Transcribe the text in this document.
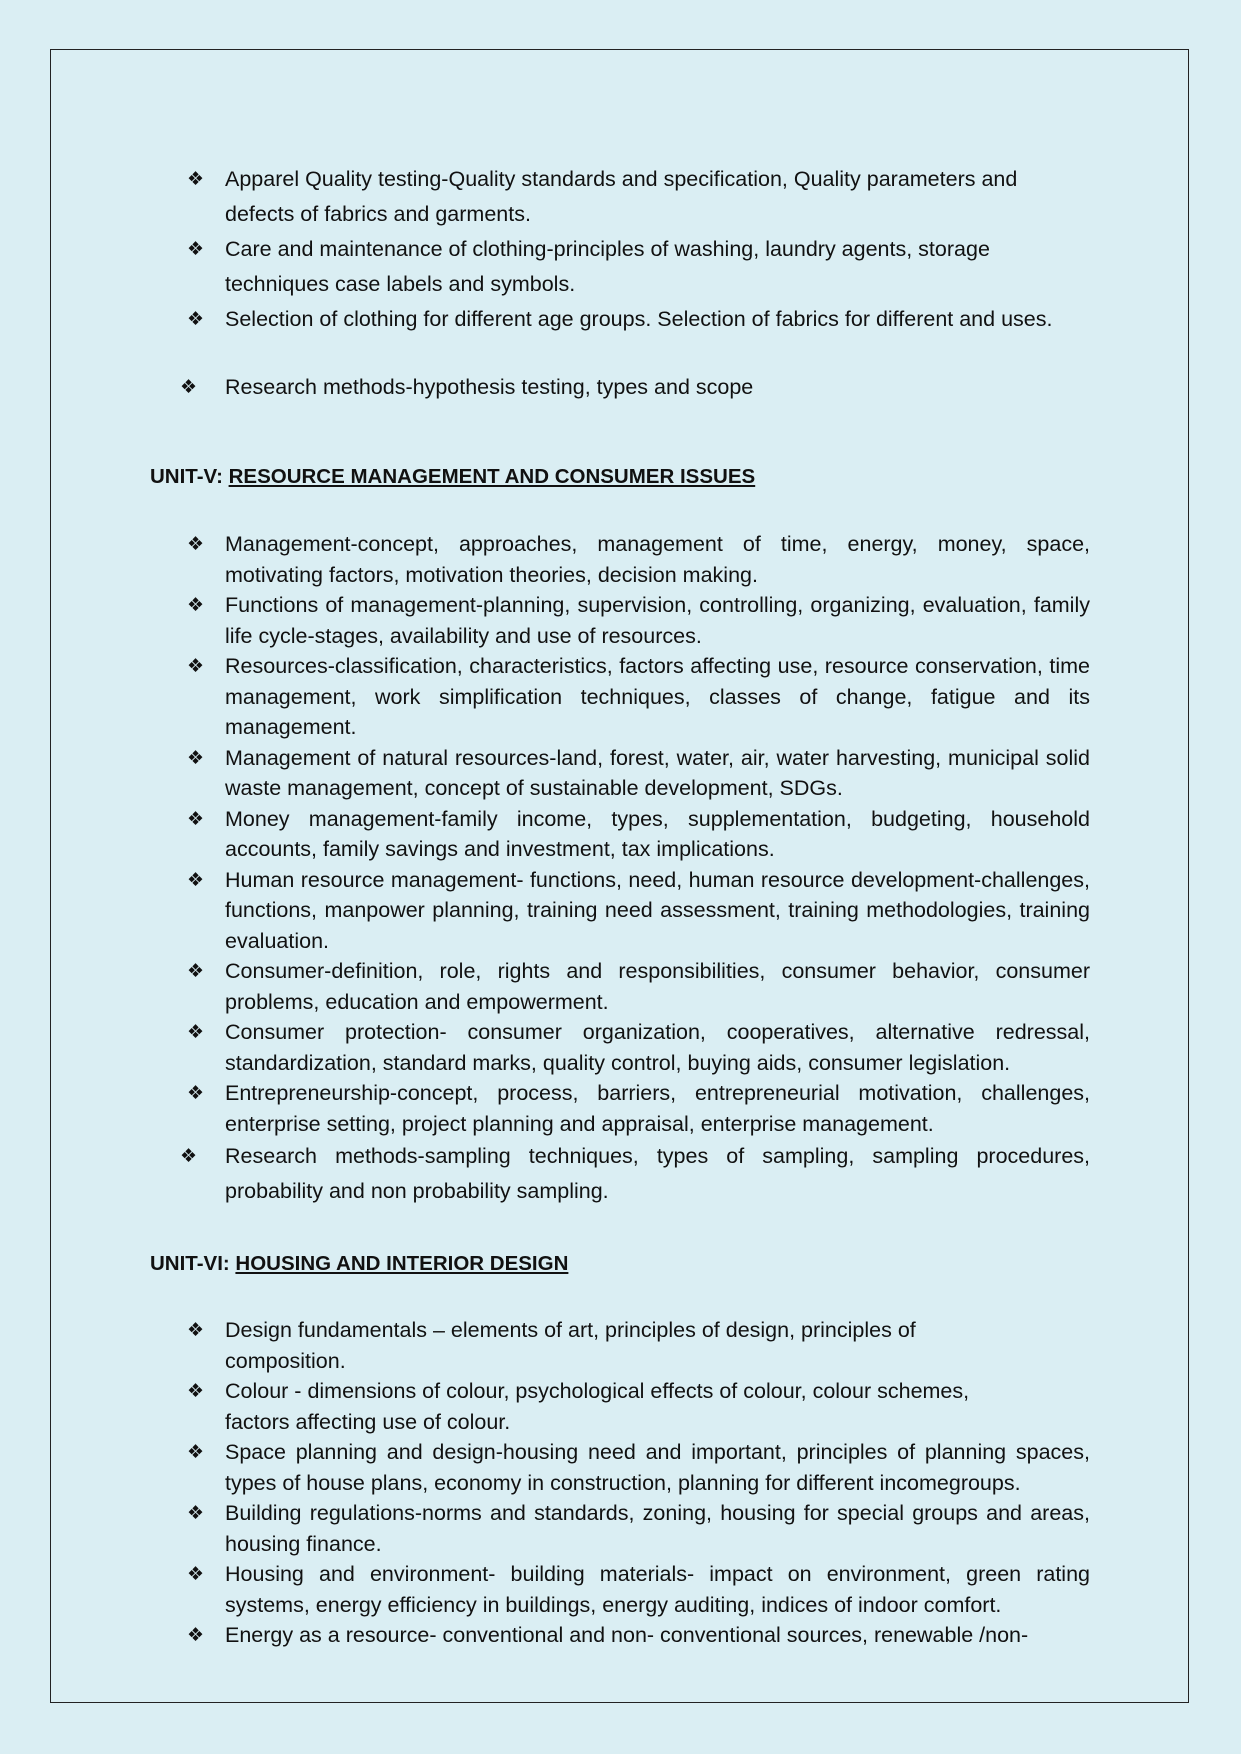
❖ Apparel Quality testing-Quality standards and specification, Quality parameters and defects of fabrics and garments.
❖ Care and maintenance of clothing-principles of washing, laundry agents, storage techniques case labels and symbols.
❖ Selection of clothing for different age groups. Selection of fabrics for different and uses.
❖ Research methods-hypothesis testing, types and scope
UNIT-V: RESOURCE MANAGEMENT AND CONSUMER ISSUES
❖ Management-concept, approaches, management of time, energy, money, space, motivating factors, motivation theories, decision making.
❖ Functions of management-planning, supervision, controlling, organizing, evaluation, family life cycle-stages, availability and use of resources.
❖ Resources-classification, characteristics, factors affecting use, resource conservation, time management, work simplification techniques, classes of change, fatigue and its management.
❖ Management of natural resources-land, forest, water, air, water harvesting, municipal solid waste management, concept of sustainable development, SDGs.
❖ Money management-family income, types, supplementation, budgeting, household accounts, family savings and investment, tax implications.
❖ Human resource management- functions, need, human resource development-challenges, functions, manpower planning, training need assessment, training methodologies, training evaluation.
❖ Consumer-definition, role, rights and responsibilities, consumer behavior, consumer problems, education and empowerment.
❖ Consumer protection- consumer organization, cooperatives, alternative redressal, standardization, standard marks, quality control, buying aids, consumer legislation.
❖ Entrepreneurship-concept, process, barriers, entrepreneurial motivation, challenges, enterprise setting, project planning and appraisal, enterprise management.
❖ Research methods-sampling techniques, types of sampling, sampling procedures, probability and non probability sampling.
UNIT-VI: HOUSING AND INTERIOR DESIGN
❖ Design fundamentals – elements of art, principles of design, principles of composition.
❖ Colour - dimensions of colour, psychological effects of colour, colour schemes, factors affecting use of colour.
❖ Space planning and design-housing need and important, principles of planning spaces, types of house plans, economy in construction, planning for different incomegroups.
❖ Building regulations-norms and standards, zoning, housing for special groups and areas, housing finance.
❖ Housing and environment- building materials- impact on environment, green rating systems, energy efficiency in buildings, energy auditing, indices of indoor comfort.
❖ Energy as a resource- conventional and non- conventional sources, renewable /non-
